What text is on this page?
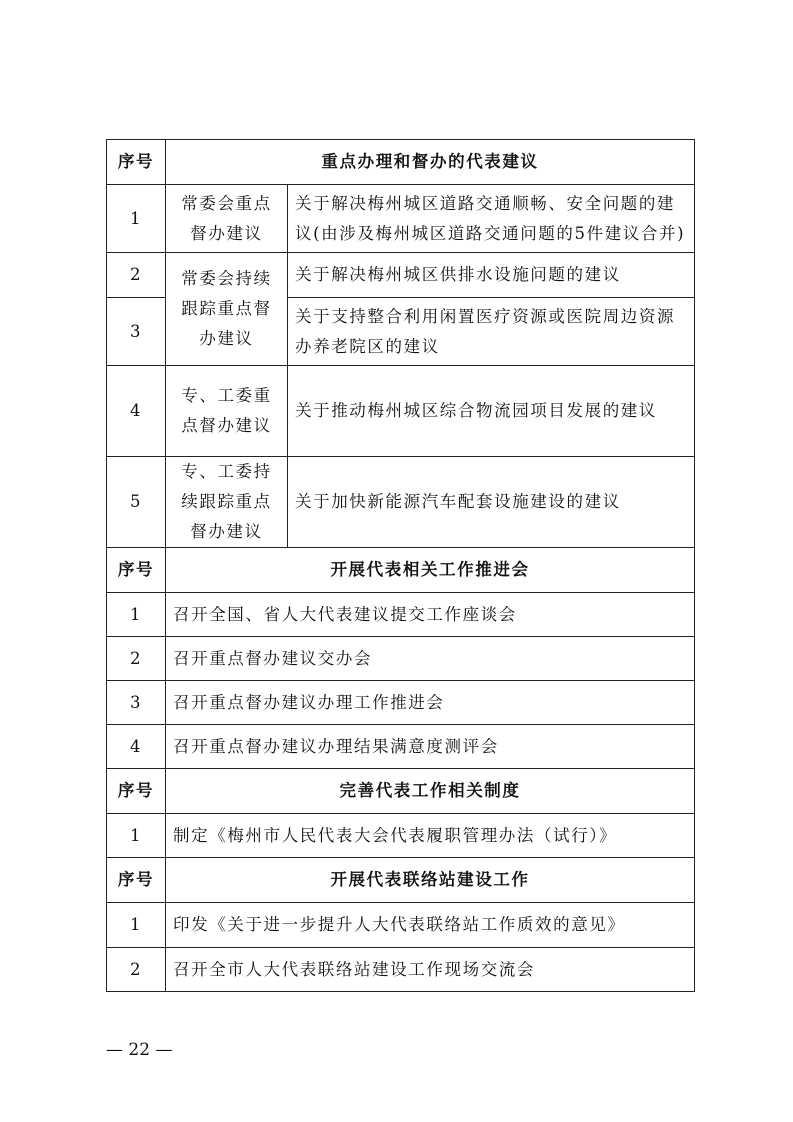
序号	重点办理和督办的代表建议	
1	常委会重点督办建议	关于解决梅州城区道路交通顺畅、安全问题的建议(由涉及梅州城区道路交通问题的5件建议合并)
2	常委会持续跟踪重点督办建议	关于解决梅州城区供排水设施问题的建议
3		关于支持整合利用闲置医疗资源或医院周边资源办养老院区的建议
4	专、工委重点督办建议	关于推动梅州城区综合物流园项目发展的建议
5	专、工委持续跟踪重点督办建议	关于加快新能源汽车配套设施建设的建议
序号	开展代表相关工作推进会	
1	召开全国、省人大代表建议提交工作座谈会	
2	召开重点督办建议交办会	
3	召开重点督办建议办理工作推进会	
4	召开重点督办建议办理结果满意度测评会	
序号	完善代表工作相关制度	
1	制定《梅州市人民代表大会代表履职管理办法（试行）》	
序号	开展代表联络站建设工作	
1	印发《关于进一步提升人大代表联络站工作质效的意见》	
2	召开全市人大代表联络站建设工作现场交流会	
— 22 —
